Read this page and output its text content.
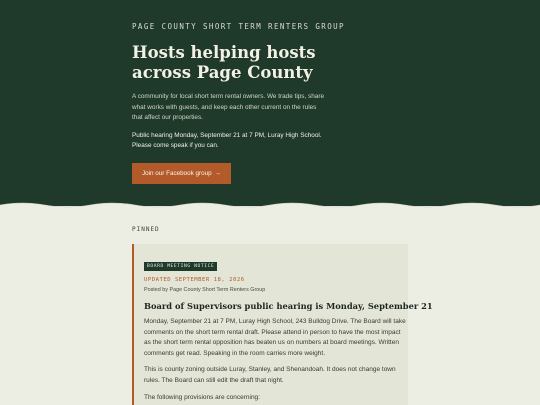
PAGE COUNTY SHORT TERM RENTERS GROUP
Hosts helping hosts across Page County

A community for local short term rental owners. We trade tips, share what works with guests, and keep each other current on the rules that affect our properties.

Public hearing Monday, September 21 at 7 PM, Luray High School. Please come speak if you can.

Join our Facebook group →
PINNED
BOARD MEETING NOTICE
UPDATED SEPTEMBER 18, 2026
Posted by Page County Short Term Renters Group
Board of Supervisors public hearing is Monday, September 21

Monday, September 21 at 7 PM, Luray High School, 243 Bulldog Drive. The Board will take comments on the short term rental draft. Please attend in person to have the most impact as the short term rental opposition has beaten us on numbers at board meetings. Written comments get read. Speaking in the room carries more weight.

This is county zoning outside Luray, Stanley, and Shenandoah. It does not change town rules. The Board can still edit the draft that night.

The following provisions are concerning:
